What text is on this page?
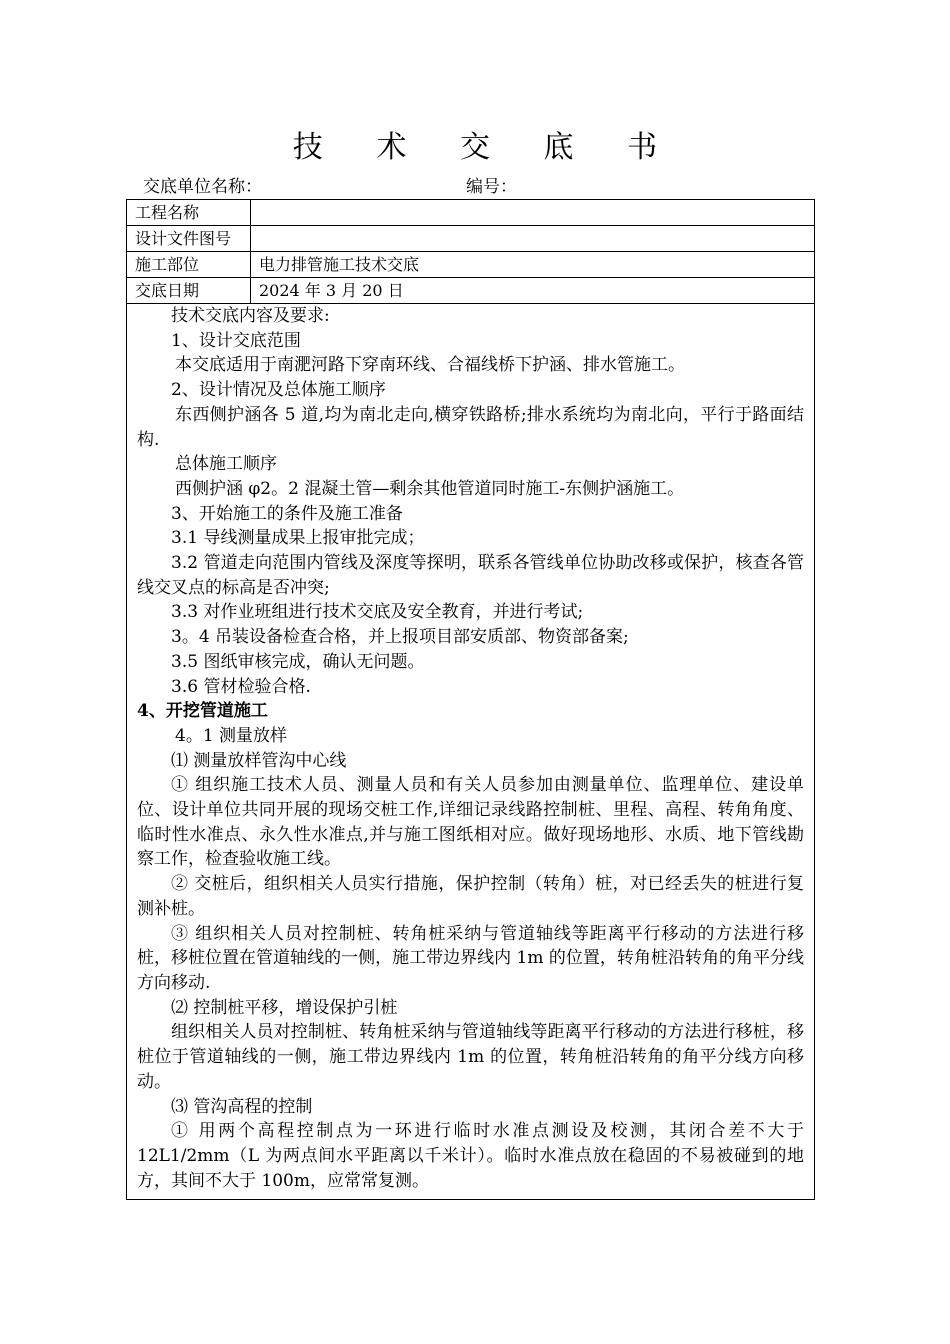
技 术 交 底 书
交底单位名称：	编号：
工程名称
设计文件图号
施工部位	电力排管施工技术交底
交底日期	2024 年 3 月 20 日

技术交底内容及要求:

1、设计交底范围

本交底适用于南淝河路下穿南环线、合福线桥下护涵、排水管施工。

2、设计情况及总体施工顺序

东西侧护涵各 5 道,均为南北走向,横穿铁路桥;排水系统均为南北向，平行于路面结构.

总体施工顺序

西侧护涵 φ2。2 混凝土管—剩余其他管道同时施工-东侧护涵施工。

3、开始施工的条件及施工准备

3.1 导线测量成果上报审批完成；

3.2 管道走向范围内管线及深度等探明，联系各管线单位协助改移或保护，核查各管线交叉点的标高是否冲突;

3.3 对作业班组进行技术交底及安全教育，并进行考试;

3。4 吊装设备检查合格，并上报项目部安质部、物资部备案;

3.5 图纸审核完成，确认无问题。

3.6 管材检验合格.

4、开挖管道施工

4。1 测量放样

⑴ 测量放样管沟中心线

① 组织施工技术人员、测量人员和有关人员参加由测量单位、监理单位、建设单位、设计单位共同开展的现场交桩工作,详细记录线路控制桩、里程、高程、转角角度、临时性水准点、永久性水准点,并与施工图纸相对应。做好现场地形、水质、地下管线勘察工作，检查验收施工线。

② 交桩后，组织相关人员实行措施，保护控制（转角）桩，对已经丢失的桩进行复测补桩。

③ 组织相关人员对控制桩、转角桩采纳与管道轴线等距离平行移动的方法进行移桩，移桩位置在管道轴线的一侧，施工带边界线内 1m 的位置，转角桩沿转角的角平分线方向移动.

⑵ 控制桩平移，增设保护引桩

组织相关人员对控制桩、转角桩采纳与管道轴线等距离平行移动的方法进行移桩，移桩位于管道轴线的一侧，施工带边界线内 1m 的位置，转角桩沿转角的角平分线方向移动。

⑶ 管沟高程的控制

① 用两个高程控制点为一环进行临时水准点测设及校测，其闭合差不大于 12L1/2mm（L 为两点间水平距离以千米计）。临时水准点放在稳固的不易被碰到的地方，其间不大于 100m，应常常复测。
